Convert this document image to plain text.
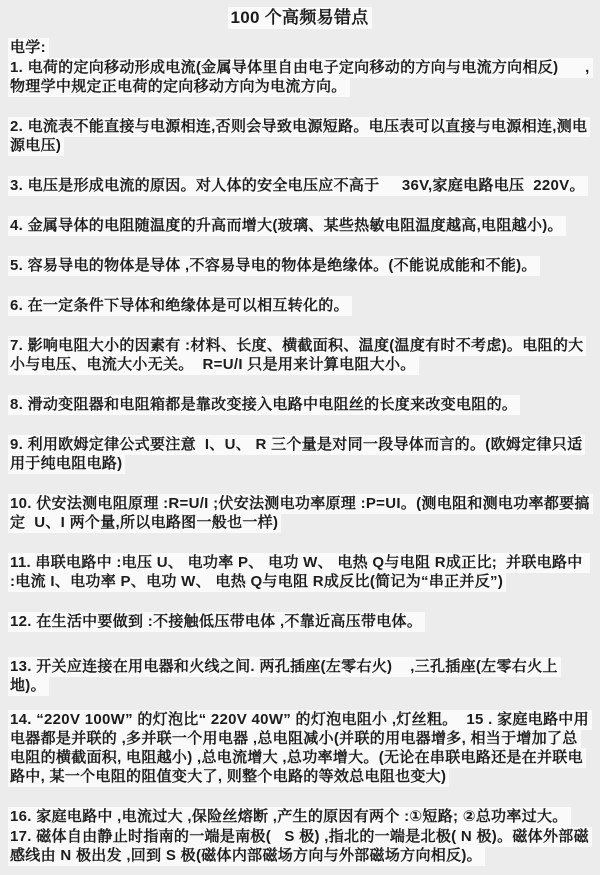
100 个高频易错点

电学:

1. 电荷的定向移动形成电流(金属导体里自由电子定向移动的方向与电流方向相反)      ,物理学中规定正电荷的定向移动方向为电流方向。

2. 电流表不能直接与电源相连,否则会导致电源短路。电压表可以直接与电源相连,测电源电压)

3. 电压是形成电流的原因。对人体的安全电压应不高于     36V,家庭电路电压  220V。

4. 金属导体的电阻随温度的升高而增大(玻璃、某些热敏电阻温度越高,电阻越小)。

5. 容易导电的物体是导体 ,不容易导电的物体是绝缘体。(不能说成能和不能)。

6. 在一定条件下导体和绝缘体是可以相互转化的。

7. 影响电阻大小的因素有 :材料、长度、横截面积、温度(温度有时不考虑)。电阻的大小与电压、电流大小无关。  R=U/I 只是用来计算电阻大小。

8. 滑动变阻器和电阻箱都是靠改变接入电路中电阻丝的长度来改变电阻的。

9. 利用欧姆定律公式要注意  I、U、 R 三个量是对同一段导体而言的。(欧姆定律只适用于纯电阻电路)

10. 伏安法测电阻原理 :R=U/I ;伏安法测电功率原理 :P=UI。(测电阻和测电功率都要搞定  U、I 两个量,所以电路图一般也一样)

11. 串联电路中 :电压 U、 电功率 P、 电功 W、 电热 Q与电阻 R成正比;  并联电路中 :电流 I、电功率 P、电功 W、 电热 Q与电阻 R成反比(简记为“串正并反”)

12. 在生活中要做到 :不接触低压带电体 ,不靠近高压带电体。

13. 开关应连接在用电器和火线之间. 两孔插座(左零右火)    ,三孔插座(左零右火上地)。

14. “220V 100W” 的灯泡比“ 220V 40W” 的灯泡电阻小 ,灯丝粗。  15 . 家庭电路中用电器都是并联的 ,多并联一个用电器 ,总电阻减小(并联的用电器增多, 相当于增加了总电阻的横截面积, 电阻越小) ,总电流增大 ,总功率增大。(无论在串联电路还是在并联电路中, 某一个电阻的阻值变大了, 则整个电路的等效总电阻也变大)

16. 家庭电路中 ,电流过大 ,保险丝熔断 ,产生的原因有两个 :①短路; ②总功率过大。

17. 磁体自由静止时指南的一端是南极(   S 极) ,指北的一端是北极( N 极)。磁体外部磁感线由 N 极出发 ,回到 S 极(磁体内部磁场方向与外部磁场方向相反)。
